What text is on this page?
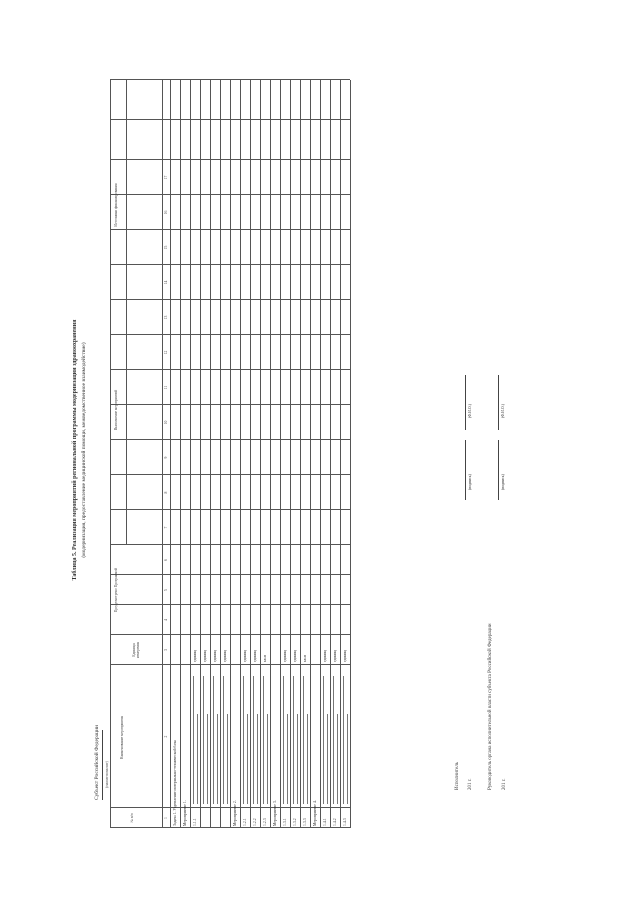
Таблица 5. Реализация мероприятий региональной программы модернизации здравоохранения (модернизация, предоставление медицинской помощи, межведомственное взаимодействие)
Субъект Российской Федерации (наименование)
№ п/п
Наименование мероприятия
Единица измерения
Предусмотрено Программой
Выполнение мероприятий
Источники финансирования
1
2
3
4
5
6
7
8
9
10
11
12
13
14
15
16
17
Задача 1. Укрепление материально-технической базы Мероприятие 1. 1.1.1
единиц единиц единиц единиц
Мероприятие 2. 1.2.1
единиц
1.2.2
единиц
1.2.3
кв.м
Мероприятие 3. 1.3.1
единиц
1.3.2
единиц
1.3.3
кв.м
Мероприятие 4. 1.4.1
единиц
1.4.2
единиц
1.4.3
единиц
Исполнитель 201 г.
(подпись)
(Ф.И.О.)
Руководитель органа исполнительной власти субъекта Российской Федерации 201 г.
(подпись)
(Ф.И.О.)
